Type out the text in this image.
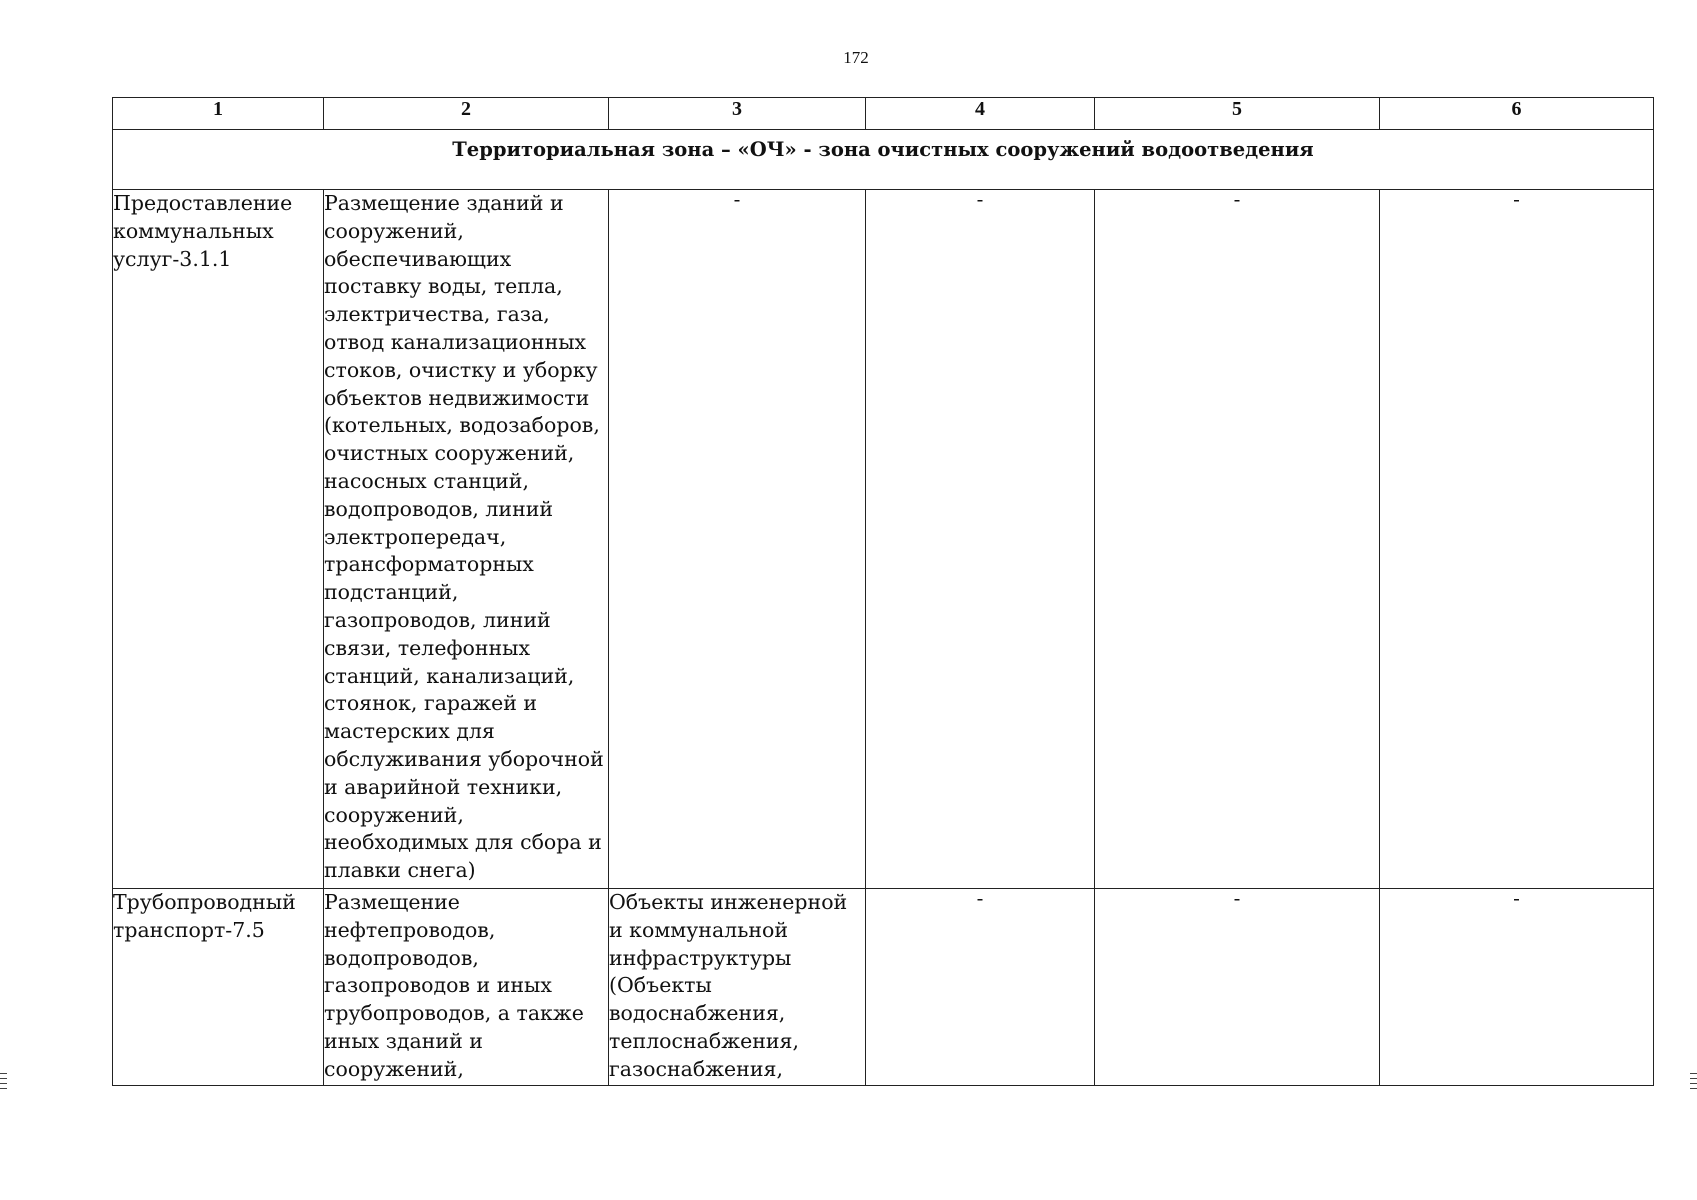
172
1	2	3	4	5	6
Территориальная зона – «ОЧ» - зона очистных сооружений водоотведения					
Предоставление коммунальных услуг-3.1.1	Размещение зданий и сооружений, обеспечивающих поставку воды, тепла, электричества, газа, отвод канализационных стоков, очистку и уборку объектов недвижимости (котельных, водозаборов, очистных сооружений, насосных станций, водопроводов, линий электропередач, трансформаторных подстанций, газопроводов, линий связи, телефонных станций, канализаций, стоянок, гаражей и мастерских для обслуживания уборочной и аварийной техники, сооружений, необходимых для сбора и плавки снега)	-	-	-	-
Трубопроводный транспорт-7.5	Размещение нефтепроводов, водопроводов, газопроводов и иных трубопроводов, а также иных зданий и сооружений,	Объекты инженерной и коммунальной инфраструктуры (Объекты водоснабжения, теплоснабжения, газоснабжения,	-	-	-
